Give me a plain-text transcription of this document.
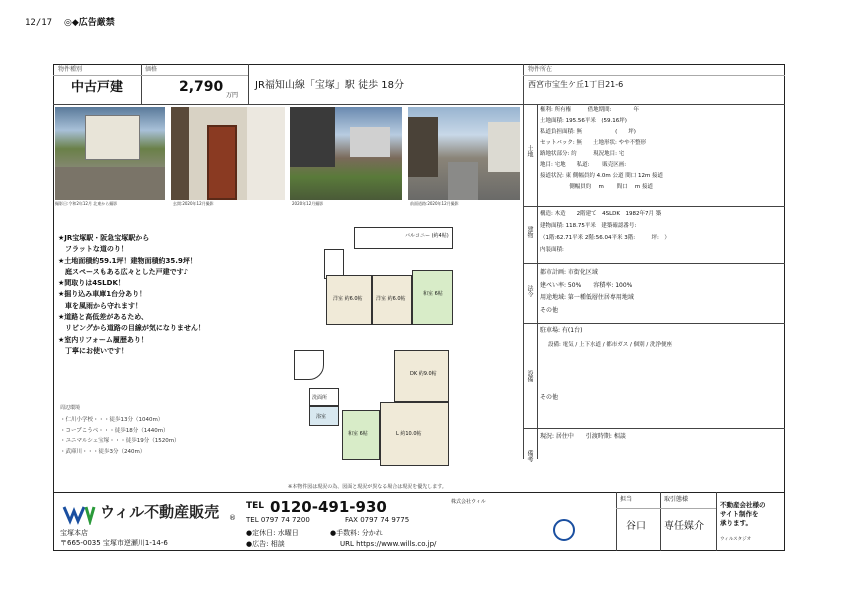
12/17 ◎◆広告厳禁
物件種別
中古戸建
価格
2,790
万円
JR福知山線「宝塚」駅 徒歩 18分
物件所在
西宮市宝生ケ丘1丁目21-6
撮影日:令和2年12月 北東から撮影	玄関:2020年12月撮影	2020年12月撮影	前面道路:2020年12月撮影
★JR宝塚駅・阪急宝塚駅から
　フラットな道のり！
★土地面積約59.1坪！建物面積約35.9坪！
　庭スペースもある広々とした戸建です♪
★間取りは4SLDK！
★掘り込み車庫1台分あり！
　車を風雨から守れます！
★道路と高低差があるため、
　リビングから道路の目線が気になりません！
★室内リフォーム履歴あり！
　丁寧にお使いです！
周辺環境
・仁川小学校・・・徒歩13分（1040m）
・コープこうべ・・・徒歩18分（1440m）
・ユニマルシェ宝塚・・・徒歩19分（1520m）
・武庫川・・・徒歩3分（240m）
バルコニー (約4帖)
洋室 約6.0帖	洋室 約6.0帖
和室 6帖
DK 約9.0帖
洗面所
浴室
和室 6帖	L 約10.0帖
※本物件図は現況の為、図面と現況が異なる場合は現況を優先します。
土地
権利: 所有権　　　借地期間:　　　　年
土地面積: 195.56平米　(59.16坪)
私道負担面積: 無　　　　　　(　　坪)
セットバック: 無　　土地形状: やや不整形
路地状部分: 約　　　現況地目: 宅
地目: 宅地　　私道: 　　販売区画:
接道状況: 東 側幅員約 4.0m 公道 間口 12m 接道
　　　　　 側幅員約 　m 　　間口 　m 接道
建物
構造: 木造　　2階建て　4SLDK　1982年7月 築
建物面積: 118.75平米　建築確認番号:
（1階:62.71平米 2階:56.04平米 3階:　　　坪:　）
内装面積:
法令
都市計画: 市街化区域
建ぺい率: 50%　　容積率: 100%
用途地域: 第一種低層住居専用地域
その他
設備
駐車場: 有(1台)
設備: 電気 / 上下水道 / 都市ガス / 個別 / 洗浄便座
その他
備考
現況: 居住中　　引渡時期: 相談
ウィル不動産販売 ®
宝塚本店
〒665-0035 宝塚市逆瀬川1-14-6
TEL 0120-491-930
TEL 0797 74 7200	FAX 0797 74 9775
●定休日: 水曜日
●広告: 相談
●手数料: 分かれ
URL https://www.wills.co.jp/
株式会社ウィル	担当
谷口
取引態様
専任媒介
不動産会社様の
サイト制作を
承ります。
ウィルスタジオ
